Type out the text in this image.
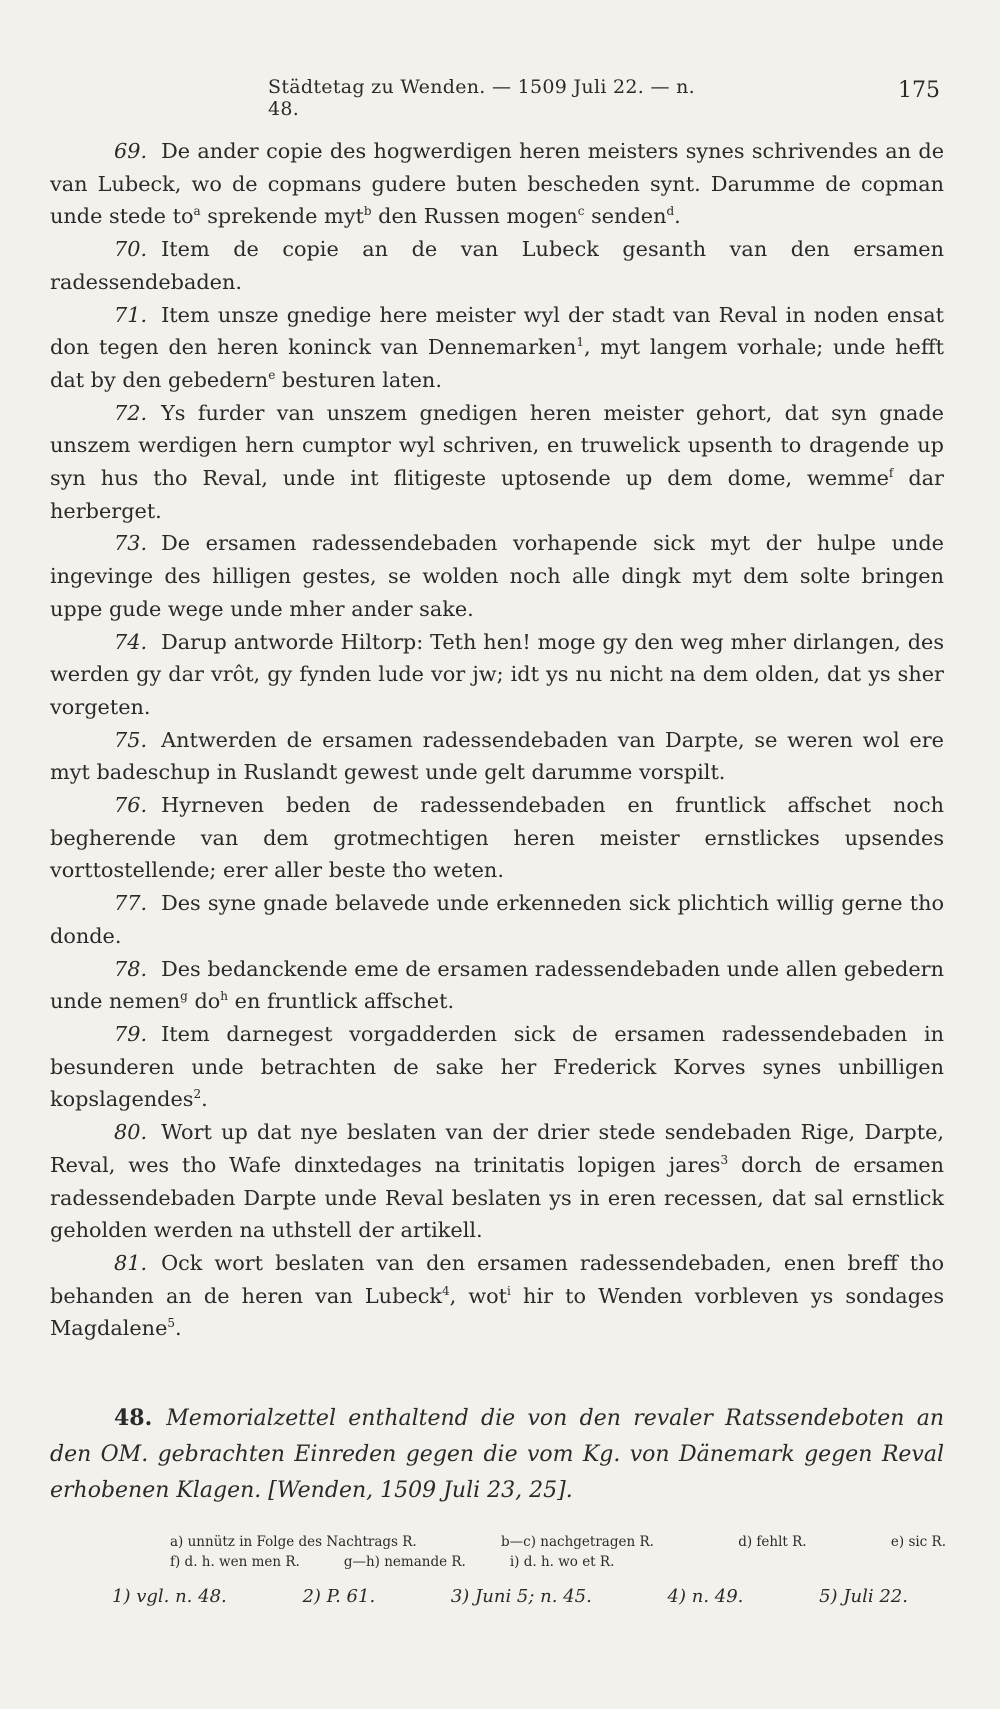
Städtetag zu Wenden. — 1509 Juli 22. — n. 48.
175

69. De ander copie des hogwerdigen heren meisters synes schrivendes an de van Lubeck, wo de copmans gudere buten bescheden synt. Darumme de copman unde stede $to^a$ sprekende myt$^b$ den Russen mogen$^c$ senden$^d$.

70. Item de copie an de van Lubeck gesanth van den ersamen radessendebaden.

71. Item unsze gnedige here meister wyl der stadt van Reval in noden ensat don tegen den heren koninck van Dennemarken$^1$, myt langem vorhale; unde hefft dat by den gebedern$^e$ besturen laten.

72. Ys furder van unszem gnedigen heren meister gehort, dat syn gnade unszem werdigen hern cumptor wyl schriven, en truwelick upsenth to dragende up syn hus tho Reval, unde int flitigeste uptosende up dem dome, wemme$^f$ dar herberget.

73. De ersamen radessendebaden vorhapende sick myt der hulpe unde ingevinge des hilligen gestes, se wolden noch alle dingk myt dem solte bringen uppe gude wege unde mher ander sake.

74. Darup antworde Hiltorp: Teth hen! moge gy den weg mher dirlangen, des werden gy dar vrôt, gy fynden lude vor jw; idt ys nu nicht na dem olden, dat ys sher vorgeten.

75. Antwerden de ersamen radessendebaden van Darpte, se weren wol ere myt badeschup in Ruslandt gewest unde gelt darumme vorspilt.

76. Hyrneven beden de radessendebaden en fruntlick affschet noch begherende van dem grotmechtigen heren meister ernstlickes upsendes vorttostellende; erer aller beste tho weten.

77. Des syne gnade belavede unde erkenneden sick plichtich willig gerne tho donde.

78. Des bedanckende eme de ersamen radessendebaden unde allen gebedern unde nemen$^g$ $do^h$ en fruntlick affschet.

79. Item darnegest vorgadderden sick de ersamen radessendebaden in besunderen unde betrachten de sake her Frederick Korves synes unbilligen kopslagendes$^2$.

80. Wort up dat nye beslaten van der drier stede sendebaden Rige, Darpte, Reval, wes tho Wafe dinxtedages na trinitatis lopigen jares$^3$ dorch de ersamen radessendebaden Darpte unde Reval beslaten ys in eren recessen, dat sal ernstlick geholden werden na uthstell der artikell.

81. Ock wort beslaten van den ersamen radessendebaden, enen breff tho behanden an de heren van Lubeck$^4$, wot$^i$ hir to Wenden vorbleven ys sondages Magdalene$^5$.

48. Memorialzettel enthaltend die von den revaler Ratssendeboten an den OM. gebrachten Einreden gegen die vom Kg. von Dänemark gegen Reval erhobenen Klagen. [Wenden, 1509 Juli 23, 25].
a) unnütz in Folge des Nachtrags R.	b—c) nachgetragen R.	d) fehlt R.	e) sic R.
f) d. h. wen men R.	g—h) nemande R.	i) d. h. wo et R.
1) vgl. n. 48.	2) P. 61.	3) Juni 5; n. 45.	4) n. 49.	5) Juli 22.
